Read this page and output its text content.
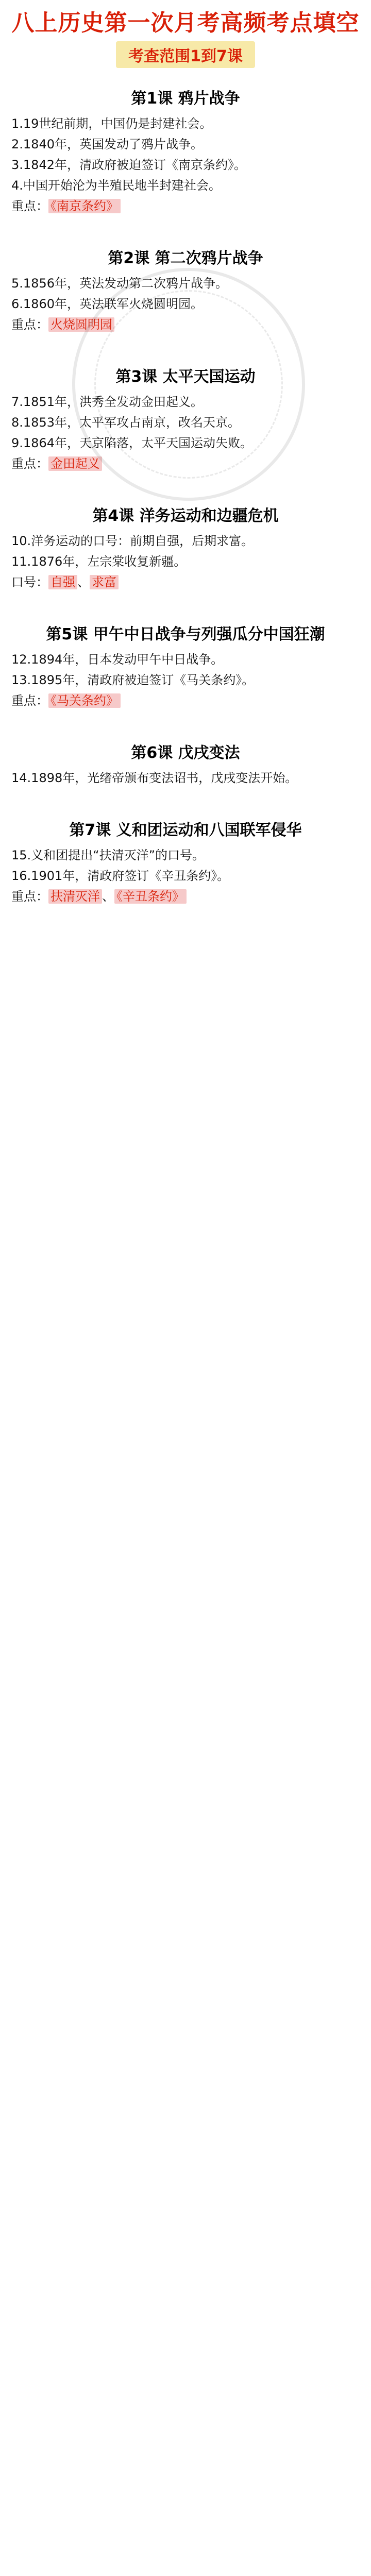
八上历史第一次月考高频考点填空
考查范围1到7课
第1课 鸦片战争

1.19世纪前期，中国仍是封建社会。

2.1840年，英国发动了鸦片战争。

3.1842年，清政府被迫签订《南京条约》。

4.中国开始沦为半殖民地半封建社会。

重点： 《南京条约》

第2课 第二次鸦片战争

5.1856年，英法发动第二次鸦片战争。

6.1860年，英法联军火烧圆明园。

重点： 火烧圆明园

第3课 太平天国运动

7.1851年，洪秀全发动金田起义。

8.1853年，太平军攻占南京，改名天京。

9.1864年，天京陷落，太平天国运动失败。

重点： 金田起义

第4课 洋务运动和边疆危机

10.洋务运动的口号：前期自强，后期求富。

11.1876年，左宗棠收复新疆。

口号： 自强 、 求富

第5课 甲午中日战争与列强瓜分中国狂潮

12.1894年，日本发动甲午中日战争。

13.1895年，清政府被迫签订《马关条约》。

重点： 《马关条约》

第6课 戊戌变法

14.1898年，光绪帝颁布变法诏书，戊戌变法开始。

第7课 义和团运动和八国联军侵华

15.义和团提出“扶清灭洋”的口号。

16.1901年，清政府签订《辛丑条约》。

重点： 扶清灭洋 、 《辛丑条约》
